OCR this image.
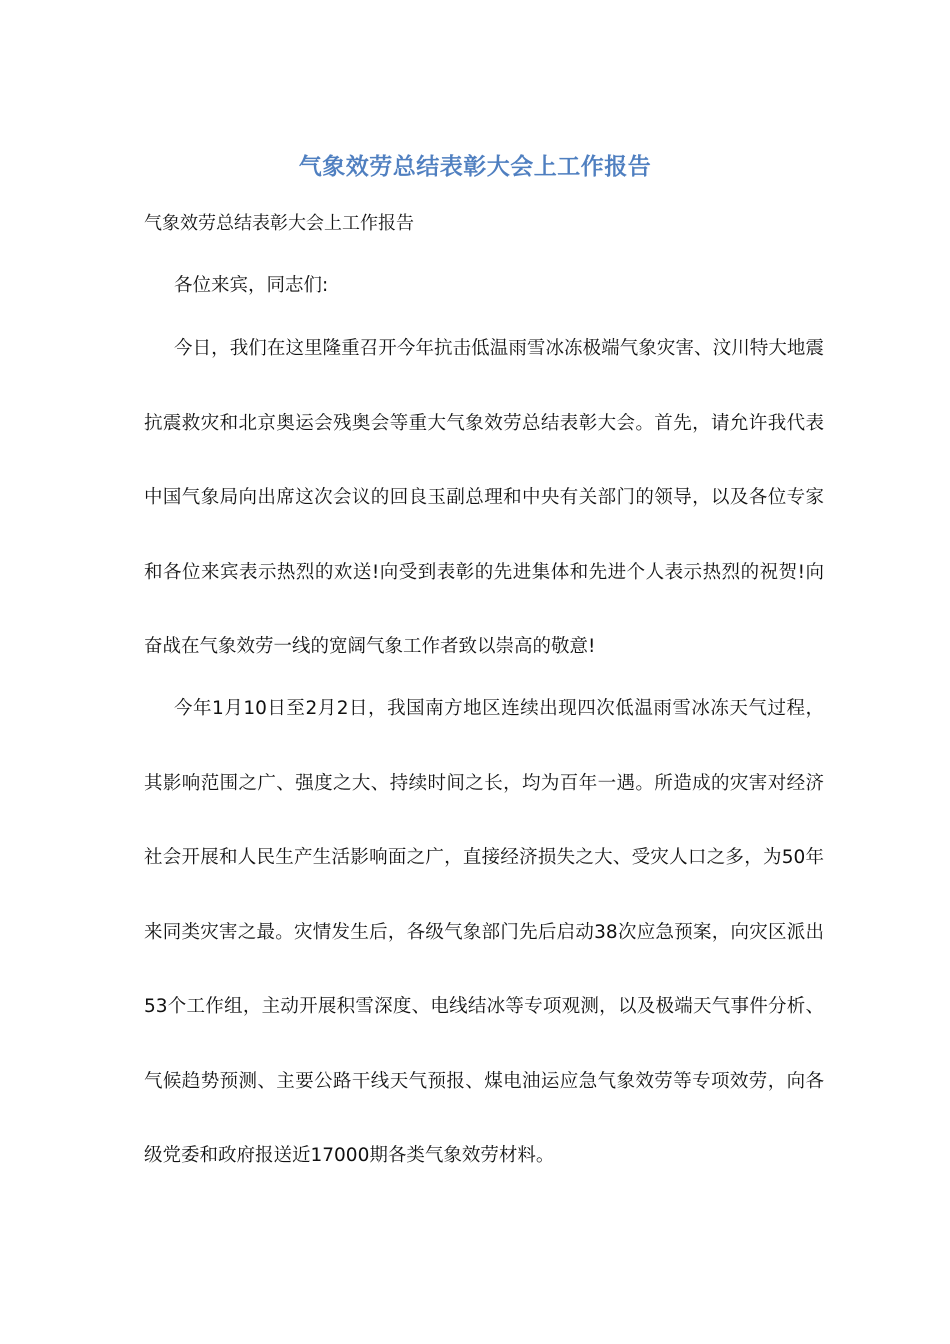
气象效劳总结表彰大会上工作报告

气象效劳总结表彰大会上工作报告

各位来宾，同志们:

今日，我们在这里隆重召开今年抗击低温雨雪冰冻极端气象灾害、汶川特大地震抗震救灾和北京奥运会残奥会等重大气象效劳总结表彰大会。首先，请允许我代表中国气象局向出席这次会议的回良玉副总理和中央有关部门的领导，以及各位专家和各位来宾表示热烈的欢送!向受到表彰的先进集体和先进个人表示热烈的祝贺!向奋战在气象效劳一线的宽阔气象工作者致以崇高的敬意!

今年1月10日至2月2日，我国南方地区连续出现四次低温雨雪冰冻天气过程，其影响范围之广、强度之大、持续时间之长，均为百年一遇。所造成的灾害对经济社会开展和人民生产生活影响面之广，直接经济损失之大、受灾人口之多，为50年来同类灾害之最。灾情发生后，各级气象部门先后启动38次应急预案，向灾区派出53个工作组，主动开展积雪深度、电线结冰等专项观测，以及极端天气事件分析、气候趋势预测、主要公路干线天气预报、煤电油运应急气象效劳等专项效劳，向各级党委和政府报送近17000期各类气象效劳材料。
